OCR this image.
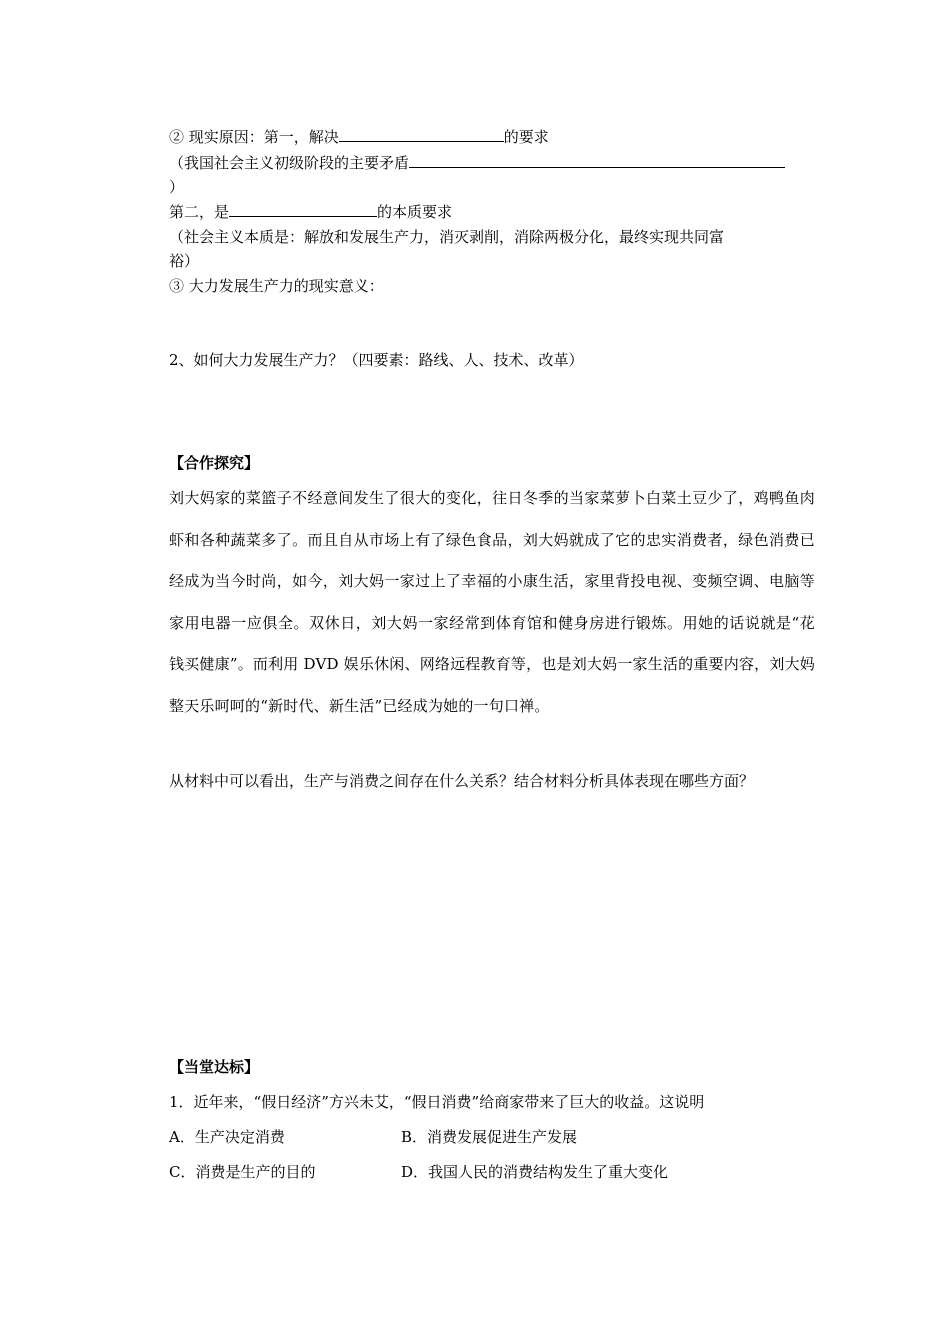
② 现实原因：第一，解决	的要求
（我国社会主义初级阶段的主要矛盾
）
第二，是	的本质要求
（社会主义本质是：解放和发展生产力，消灭剥削，消除两极分化，最终实现共同富
裕）
③ 大力发展生产力的现实意义：
2、如何大力发展生产力？（四要素：路线、人、技术、改革）
【合作探究】
刘大妈家的菜篮子不经意间发生了很大的变化，往日冬季的当家菜萝卜白菜土豆少了，鸡鸭鱼肉虾和各种蔬菜多了。而且自从市场上有了绿色食品，刘大妈就成了它的忠实消费者，绿色消费已经成为当今时尚，如今，刘大妈一家过上了幸福的小康生活，家里背投电视、变频空调、电脑等家用电器一应俱全。双休日，刘大妈一家经常到体育馆和健身房进行锻炼。用她的话说就是“花钱买健康”。而利用 DVD 娱乐休闲、网络远程教育等，也是刘大妈一家生活的重要内容，刘大妈整天乐呵呵的“新时代、新生活”已经成为她的一句口禅。
从材料中可以看出，生产与消费之间存在什么关系？结合材料分析具体表现在哪些方面？
【当堂达标】
1．近年来，“假日经济”方兴未艾，“假日消费”给商家带来了巨大的收益。这说明
A．生产决定消费	B．消费发展促进生产发展
C．消费是生产的目的	D．我国人民的消费结构发生了重大变化
